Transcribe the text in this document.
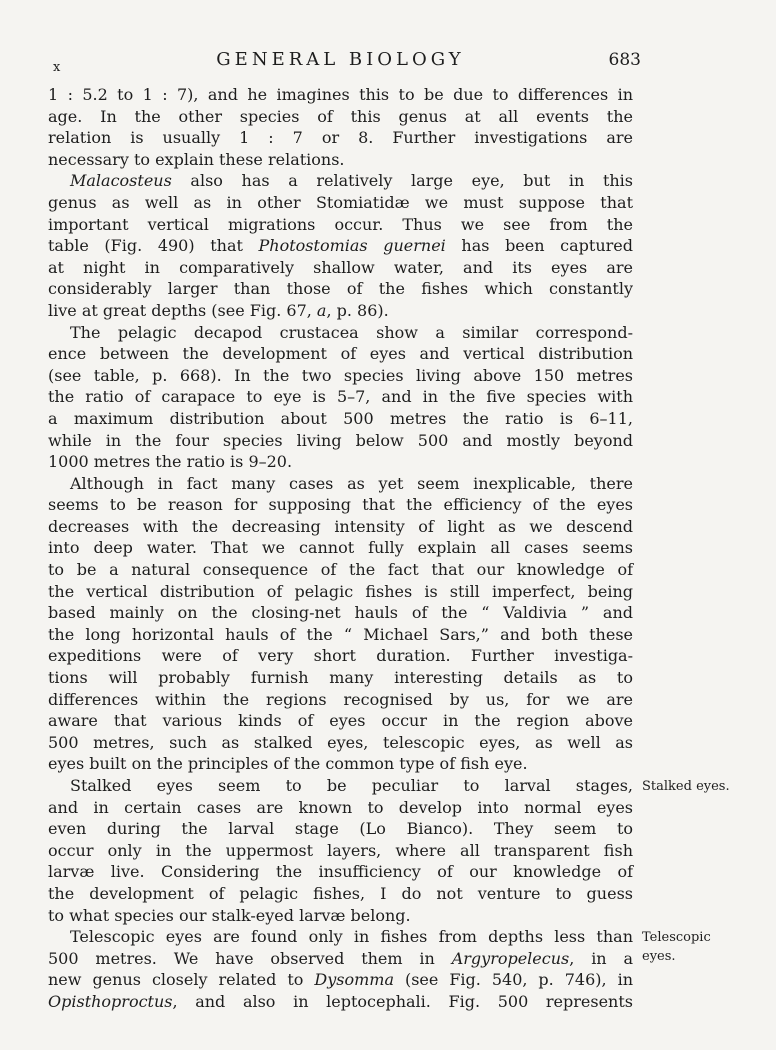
x	GENERAL BIOLOGY	683
1 : 5.2 to 1 : 7), and he imagines this to be due to differences in
age. In the other species of this genus at all events the
relation is usually 1 : 7 or 8. Further investigations are
necessary to explain these relations.
Malacosteus also has a relatively large eye, but in this
genus as well as in other Stomiatidæ we must suppose that
important vertical migrations occur. Thus we see from the
table (Fig. 490) that Photostomias guernei has been captured
at night in comparatively shallow water, and its eyes are
considerably larger than those of the fishes which constantly
live at great depths (see Fig. 67, a, p. 86).
The pelagic decapod crustacea show a similar correspond-
ence between the development of eyes and vertical distribution
(see table, p. 668). In the two species living above 150 metres
the ratio of carapace to eye is 5–7, and in the five species with
a maximum distribution about 500 metres the ratio is 6–11,
while in the four species living below 500 and mostly beyond
1000 metres the ratio is 9–20.
Although in fact many cases as yet seem inexplicable, there
seems to be reason for supposing that the efficiency of the eyes
decreases with the decreasing intensity of light as we descend
into deep water. That we cannot fully explain all cases seems
to be a natural consequence of the fact that our knowledge of
the vertical distribution of pelagic fishes is still imperfect, being
based mainly on the closing-net hauls of the “ Valdivia ” and
the long horizontal hauls of the “ Michael Sars,” and both these
expeditions were of very short duration. Further investiga-
tions will probably furnish many interesting details as to
differences within the regions recognised by us, for we are
aware that various kinds of eyes occur in the region above
500 metres, such as stalked eyes, telescopic eyes, as well as
eyes built on the principles of the common type of fish eye.
Stalked eyes seem to be peculiar to larval stages,
and in certain cases are known to develop into normal eyes
even during the larval stage (Lo Bianco). They seem to
occur only in the uppermost layers, where all transparent fish
larvæ live. Considering the insufficiency of our knowledge of
the development of pelagic fishes, I do not venture to guess
to what species our stalk-eyed larvæ belong.
Stalked eyes.
Telescopic eyes are found only in fishes from depths less than
500 metres. We have observed them in Argyropelecus, in a
new genus closely related to Dysomma (see Fig. 540, p. 746), in
Opisthoproctus, and also in leptocephali. Fig. 500 represents
Telescopic
eyes.
